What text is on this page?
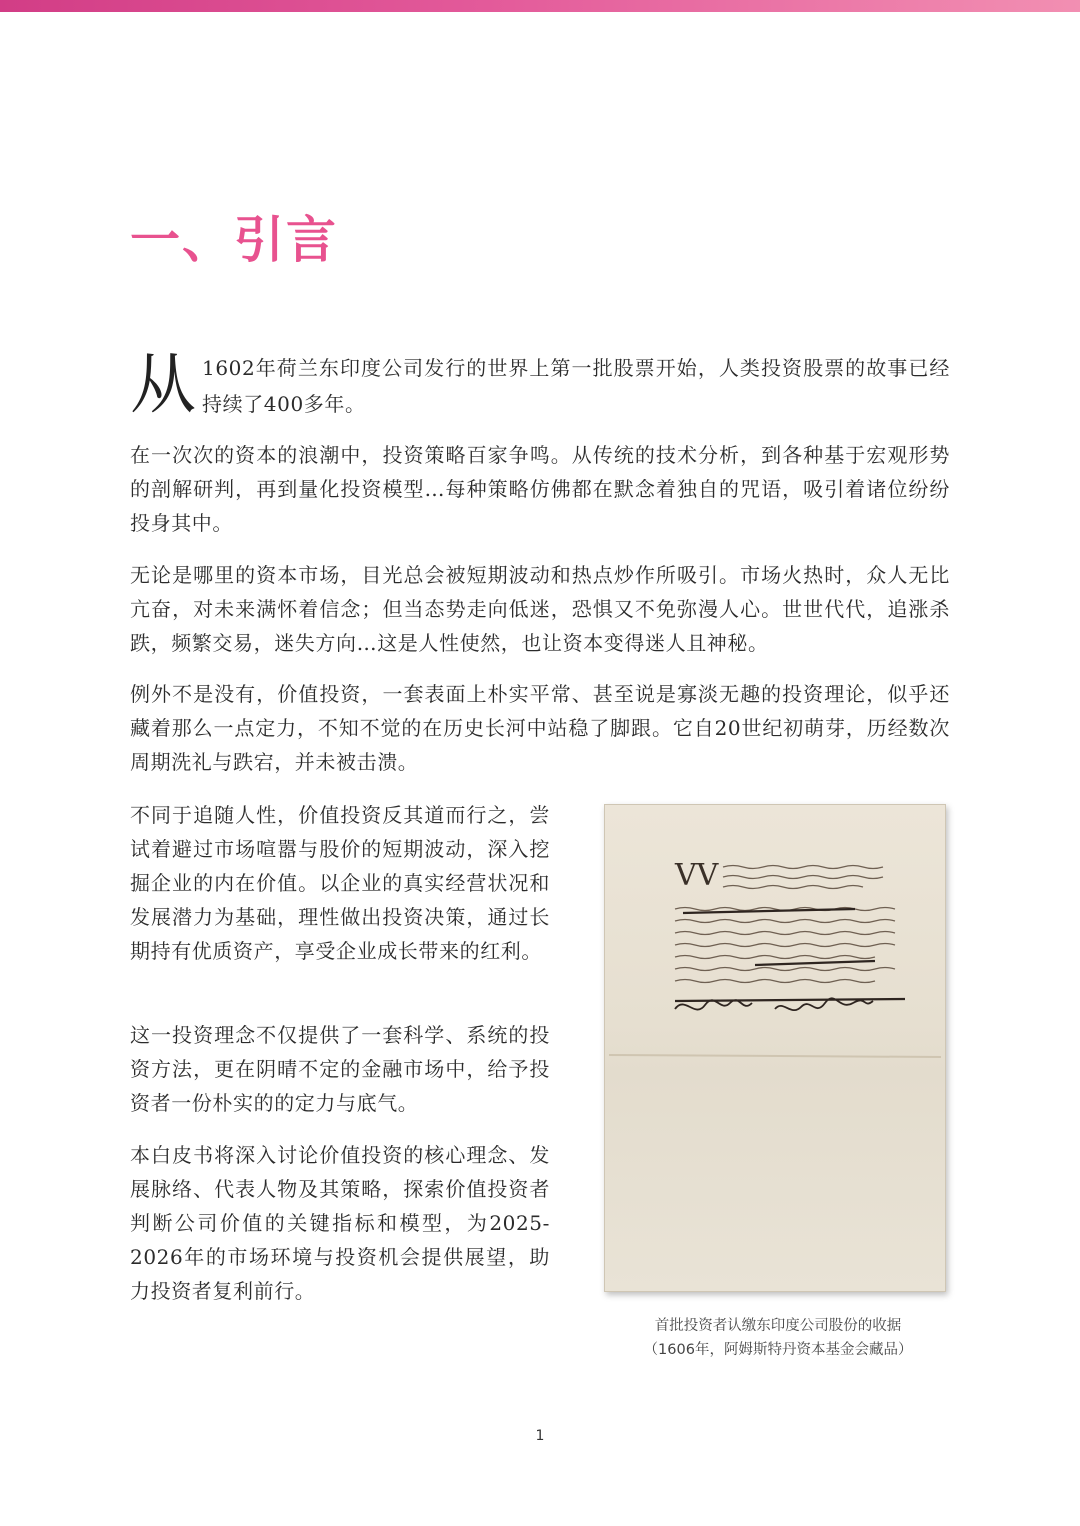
一、引言
从 1602年荷兰东印度公司发行的世界上第一批股票开始，人类投资股票的故事已经持续了400多年。

在一次次的资本的浪潮中，投资策略百家争鸣。从传统的技术分析，到各种基于宏观形势的剖解研判，再到量化投资模型…每种策略仿佛都在默念着独自的咒语，吸引着诸位纷纷投身其中。

无论是哪里的资本市场，目光总会被短期波动和热点炒作所吸引。市场火热时，众人无比亢奋，对未来满怀着信念；但当态势走向低迷，恐惧又不免弥漫人心。世世代代，追涨杀跌，频繁交易，迷失方向…这是人性使然，也让资本变得迷人且神秘。

例外不是没有，价值投资，一套表面上朴实平常、甚至说是寡淡无趣的投资理论，似乎还藏着那么一点定力，不知不觉的在历史长河中站稳了脚跟。它自20世纪初萌芽，历经数次周期洗礼与跌宕，并未被击溃。

不同于追随人性，价值投资反其道而行之，尝试着避过市场喧嚣与股价的短期波动，深入挖掘企业的内在价值。以企业的真实经营状况和发展潜力为基础，理性做出投资决策，通过长期持有优质资产，享受企业成长带来的红利。

这一投资理念不仅提供了一套科学、系统的投资方法，更在阴晴不定的金融市场中，给予投资者一份朴实的的定力与底气。

本白皮书将深入讨论价值投资的核心理念、发展脉络、代表人物及其策略，探索价值投资者判断公司价值的关键指标和模型，为2025-2026年的市场环境与投资机会提供展望，助力投资者复利前行。

VV
首批投资者认缴东印度公司股份的收据
（1606年，阿姆斯特丹资本基金会藏品）
1
